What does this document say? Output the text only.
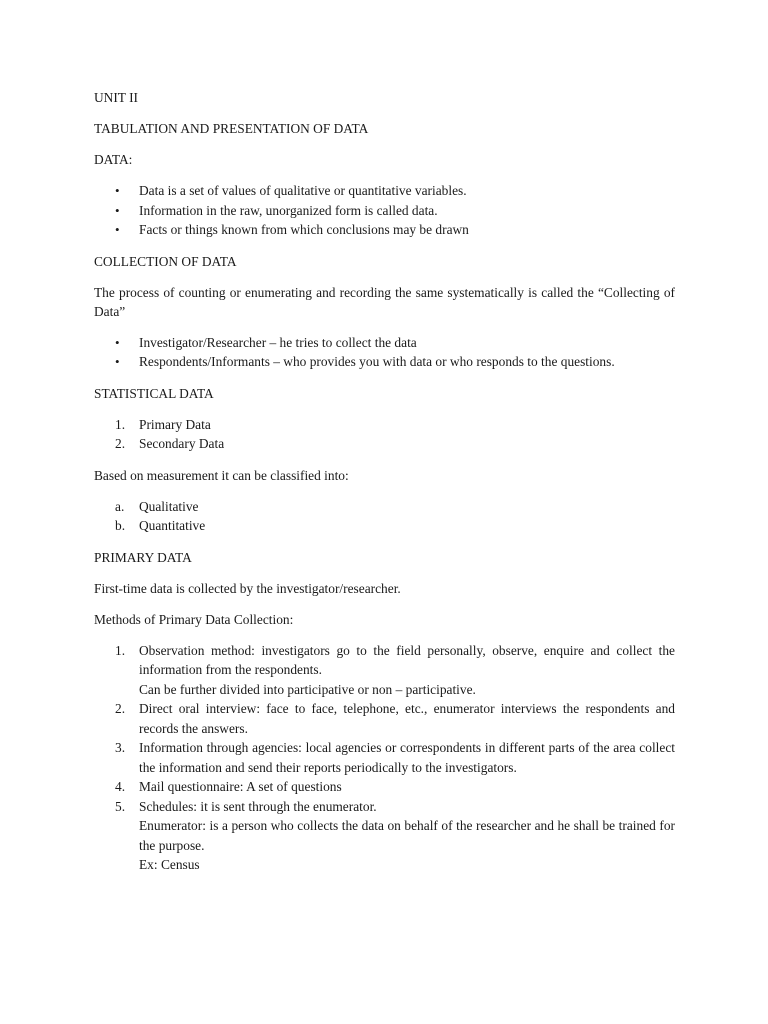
UNIT II

TABULATION AND PRESENTATION OF DATA

DATA:

• Data is a set of values of qualitative or quantitative variables.
• Information in the raw, unorganized form is called data.
• Facts or things known from which conclusions may be drawn

COLLECTION OF DATA

The process of counting or enumerating and recording the same systematically is called the “Collecting of Data”

• Investigator/Researcher – he tries to collect the data
• Respondents/Informants – who provides you with data or who responds to the questions.

STATISTICAL DATA

1. Primary Data
2. Secondary Data

Based on measurement it can be classified into:

a. Qualitative
b. Quantitative

PRIMARY DATA

First-time data is collected by the investigator/researcher.

Methods of Primary Data Collection:

1. Observation method: investigators go to the field personally, observe, enquire and collect the information from the respondents.
Can be further divided into participative or non – participative.
2. Direct oral interview: face to face, telephone, etc., enumerator interviews the respondents and records the answers.
3. Information through agencies: local agencies or correspondents in different parts of the area collect the information and send their reports periodically to the investigators.
4. Mail questionnaire: A set of questions
5. Schedules: it is sent through the enumerator.
Enumerator: is a person who collects the data on behalf of the researcher and he shall be trained for the purpose.
Ex: Census
